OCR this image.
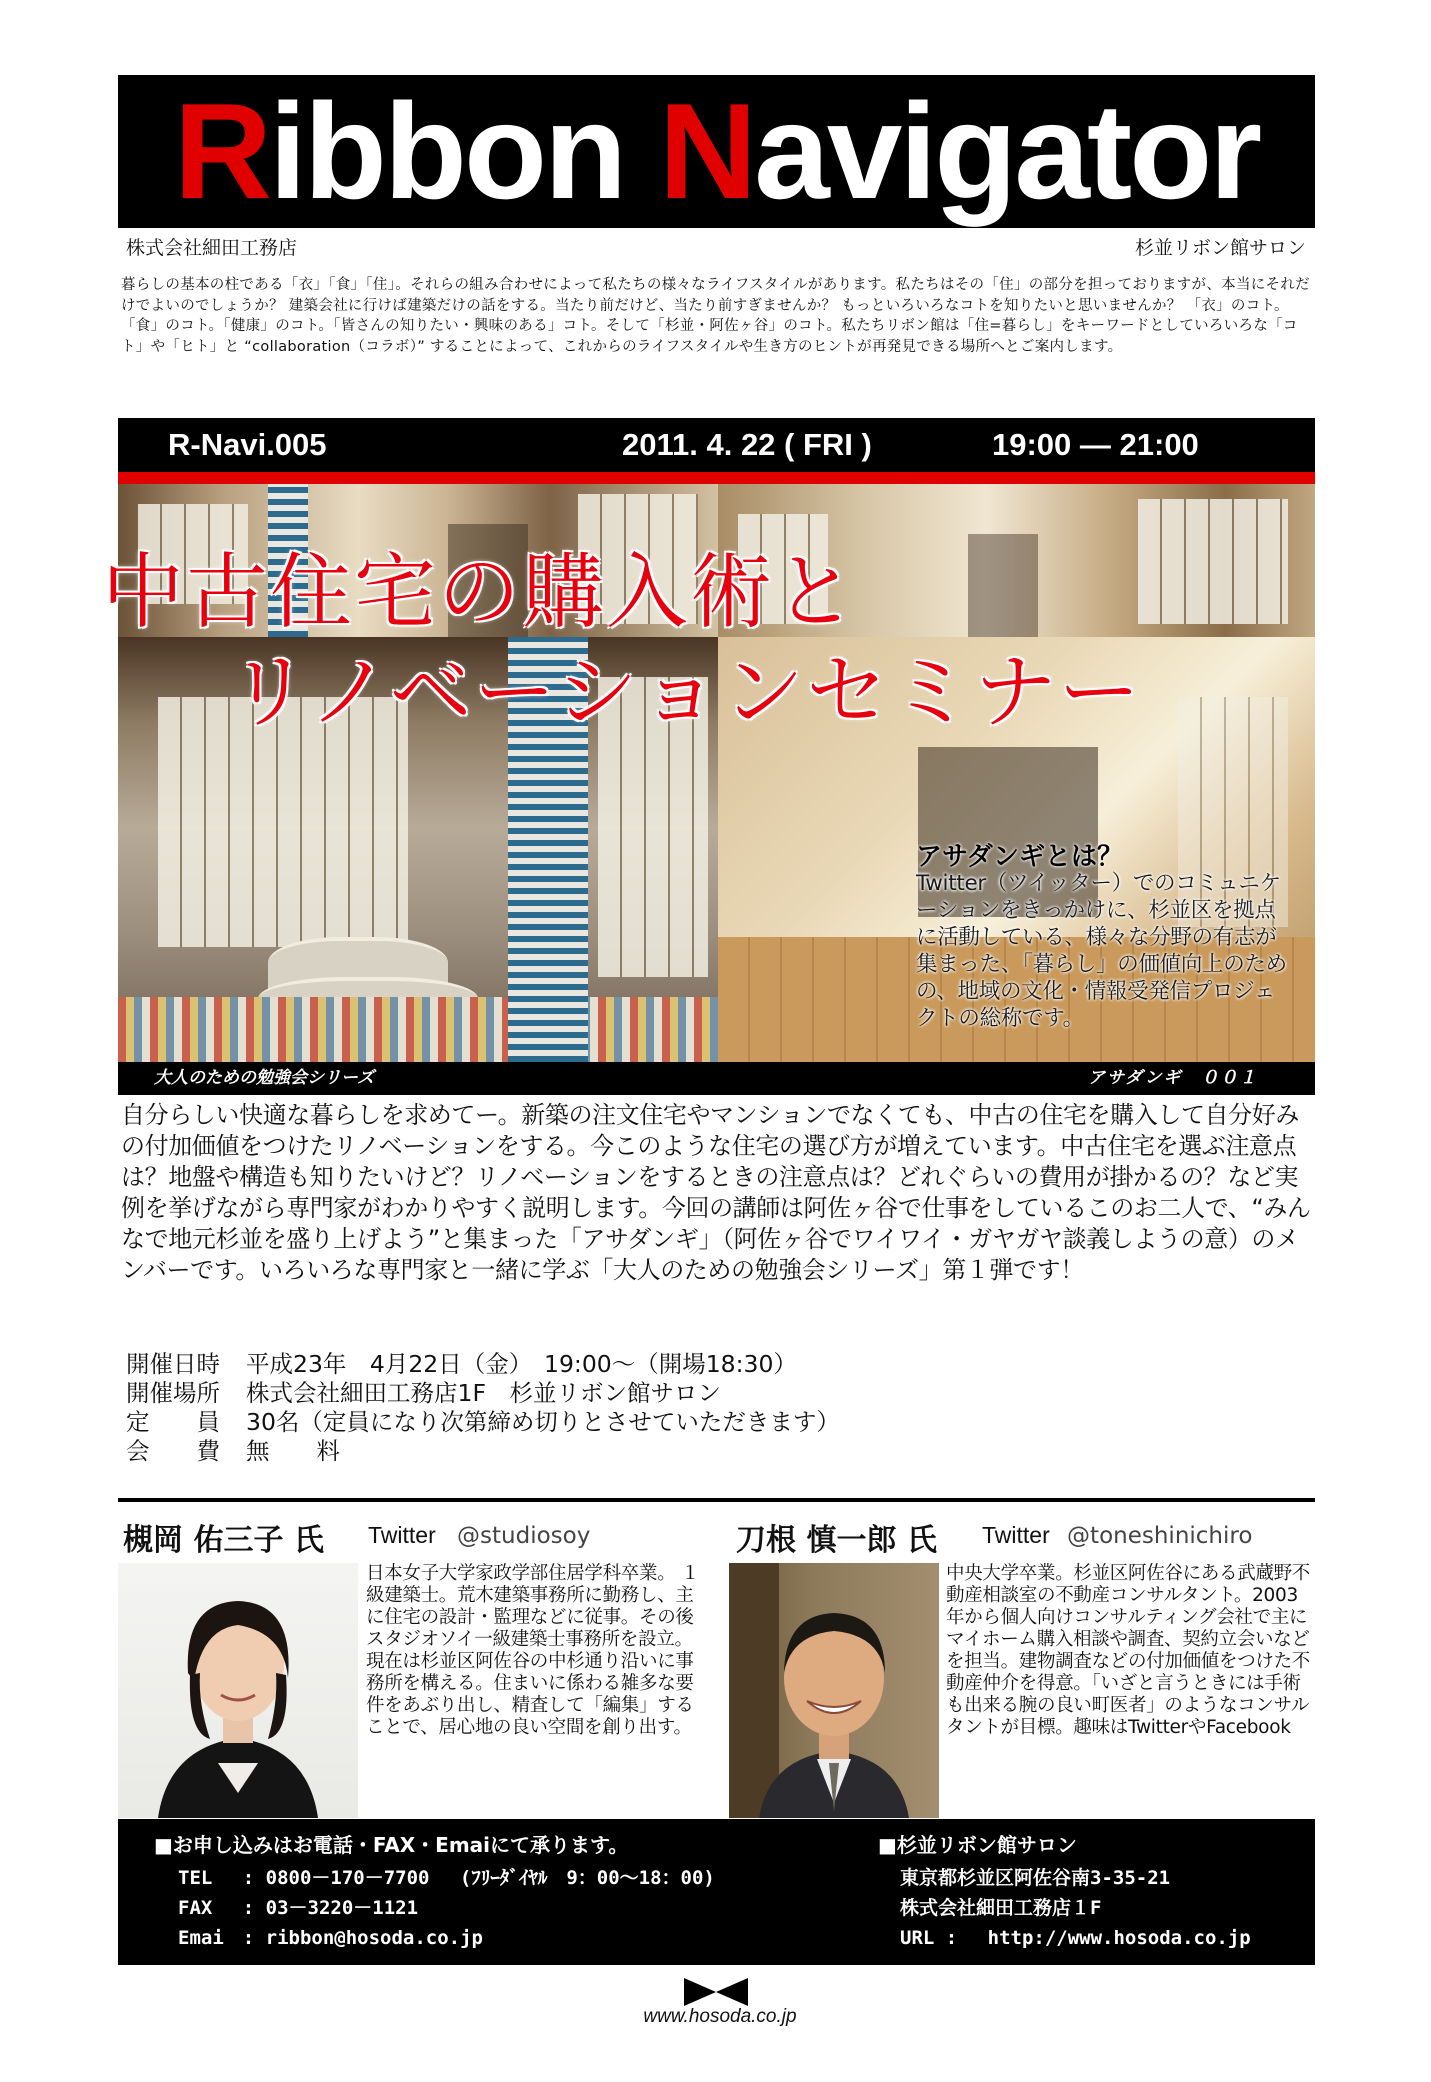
Ribbon Navigator
株式会社細田工務店	杉並リボン館サロン
暮らしの基本の柱である「衣」「食」「住」。それらの組み合わせによって私たちの様々なライフスタイルがあります。私たちはその「住」の部分を担っておりますが、本当にそれだけでよいのでしょうか？ 建築会社に行けば建築だけの話をする。当たり前だけど、当たり前すぎませんか？ もっといろいろなコトを知りたいと思いませんか？ 「衣」のコト。「食」のコト。「健康」のコト。「皆さんの知りたい・興味のある」コト。そして「杉並・阿佐ヶ谷」のコト。私たちリボン館は「住=暮らし」をキーワードとしていろいろな「コト」や「ヒト」と “collaboration（コラボ）” することによって、これからのライフスタイルや生き方のヒントが再発見できる場所へとご案内します。
R-Navi.005	2011. 4. 22 ( FRI )	19:00 — 21:00
中古住宅の購入術と
リノベーションセミナー
アサダンギとは？
Twitter（ツイッター）でのコミュニケーションをきっかけに、杉並区を拠点に活動している、様々な分野の有志が集まった、「暮らし」の価値向上のための、地域の文化・情報受発信プロジェクトの総称です。
大人のための勉強会シリーズ	アサダンギ　００１
自分らしい快適な暮らしを求めてー。新築の注文住宅やマンションでなくても、中古の住宅を購入して自分好みの付加価値をつけたリノベーションをする。今このような住宅の選び方が増えています。中古住宅を選ぶ注意点は？地盤や構造も知りたいけど？リノベーションをするときの注意点は？どれぐらいの費用が掛かるの？など実例を挙げながら専門家がわかりやすく説明します。今回の講師は阿佐ヶ谷で仕事をしているこのお二人で、“みんなで地元杉並を盛り上げよう”と集まった「アサダンギ」（阿佐ヶ谷でワイワイ・ガヤガヤ談義しようの意）のメンバーです。いろいろな専門家と一緒に学ぶ「大人のための勉強会シリーズ」第１弾です！
開催日時 平成23年　4月22日（金）　19:00～（開場18:30）
開催場所 株式会社細田工務店1F　杉並リボン館サロン
定　　員 30名（定員になり次第締め切りとさせていただきます）
会　　費 無　　料
槻岡 佑三子 氏 Twitter @studiosoy
日本女子大学家政学部住居学科卒業。 １級建築士。荒木建築事務所に勤務し、主に住宅の設計・監理などに従事。その後スタジオソイ一級建築士事務所を設立。現在は杉並区阿佐谷の中杉通り沿いに事務所を構える。住まいに係わる雑多な要件をあぶり出し、精査して「編集」することで、居心地の良い空間を創り出す。
刀根 慎一郎 氏 Twitter @toneshinichiro
中央大学卒業。杉並区阿佐谷にある武蔵野不動産相談室の不動産コンサルタント。2003年から個人向けコンサルティング会社で主にマイホーム購入相談や調査、契約立会いなどを担当。建物調査などの付加価値をつけた不動産仲介を得意。「いざと言うときには手術も出来る腕の良い町医者」のようなコンサルタントが目標。趣味はTwitterやFacebook
■お申し込みはお電話・FAX・Emaiにて承ります。
TEL　 : 0800－170－7700　 (ﾌﾘｰﾀﾞｲﾔﾙ　9：00～18：00)
FAX　 : 03－3220－1121
Emai　: ribbon@hosoda.co.jp
■杉並リボン館サロン
東京都杉並区阿佐谷南3-35-21
株式会社細田工務店１F
URL :　 http://www.hosoda.co.jp
www.hosoda.co.jp
